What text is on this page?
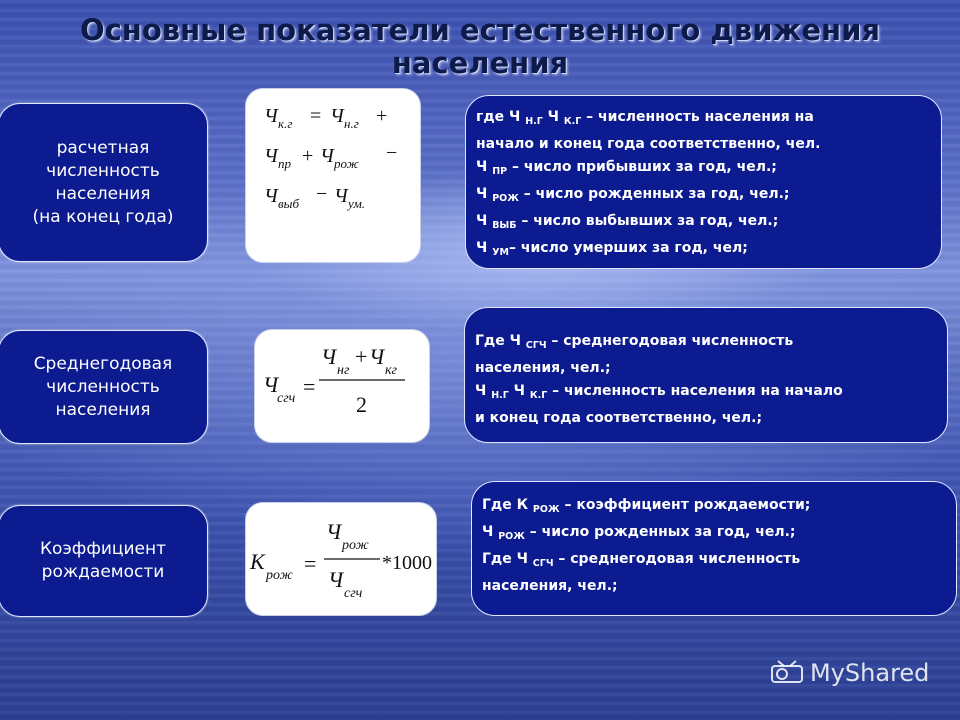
Основные показатели естественного движения
населения
расчетная
численность
населения
(на конец года)
Ч к.г = Ч н.г +
Ч пр + Ч рож −
Ч выб − Ч ум.
где Ч $_{Н.Г}$ Ч $_{К.Г}$ – численность населения на
начало и конец года соответственно, чел.
Ч $_{ПР}$ – число прибывших за год, чел.;
Ч $_{РОЖ}$ – число рожденных за год, чел.;
Ч $_{ВЫБ}$ – число выбывших за год, чел.;
Ч $_{УМ}$– число умерших за год, чел;
Среднегодовая
численность
населения
Ч
сгч =
Ч
нг
+ Ч
кг
2
Где Ч $_{СГЧ}$ – среднегодовая численность
населения, чел.;
Ч $_{Н.Г}$ Ч $_{К.Г}$ – численность населения на начало
и конец года соответственно, чел.;
Коэффициент
рождаемости	К
рож =
Ч
рож
Ч
сгч
*1000
Где К $_{РОЖ}$ – коэффициент рождаемости;
Ч $_{РОЖ}$ – число рожденных за год, чел.;
Где Ч $_{СГЧ}$ – среднегодовая численность
населения, чел.;
MyShared
